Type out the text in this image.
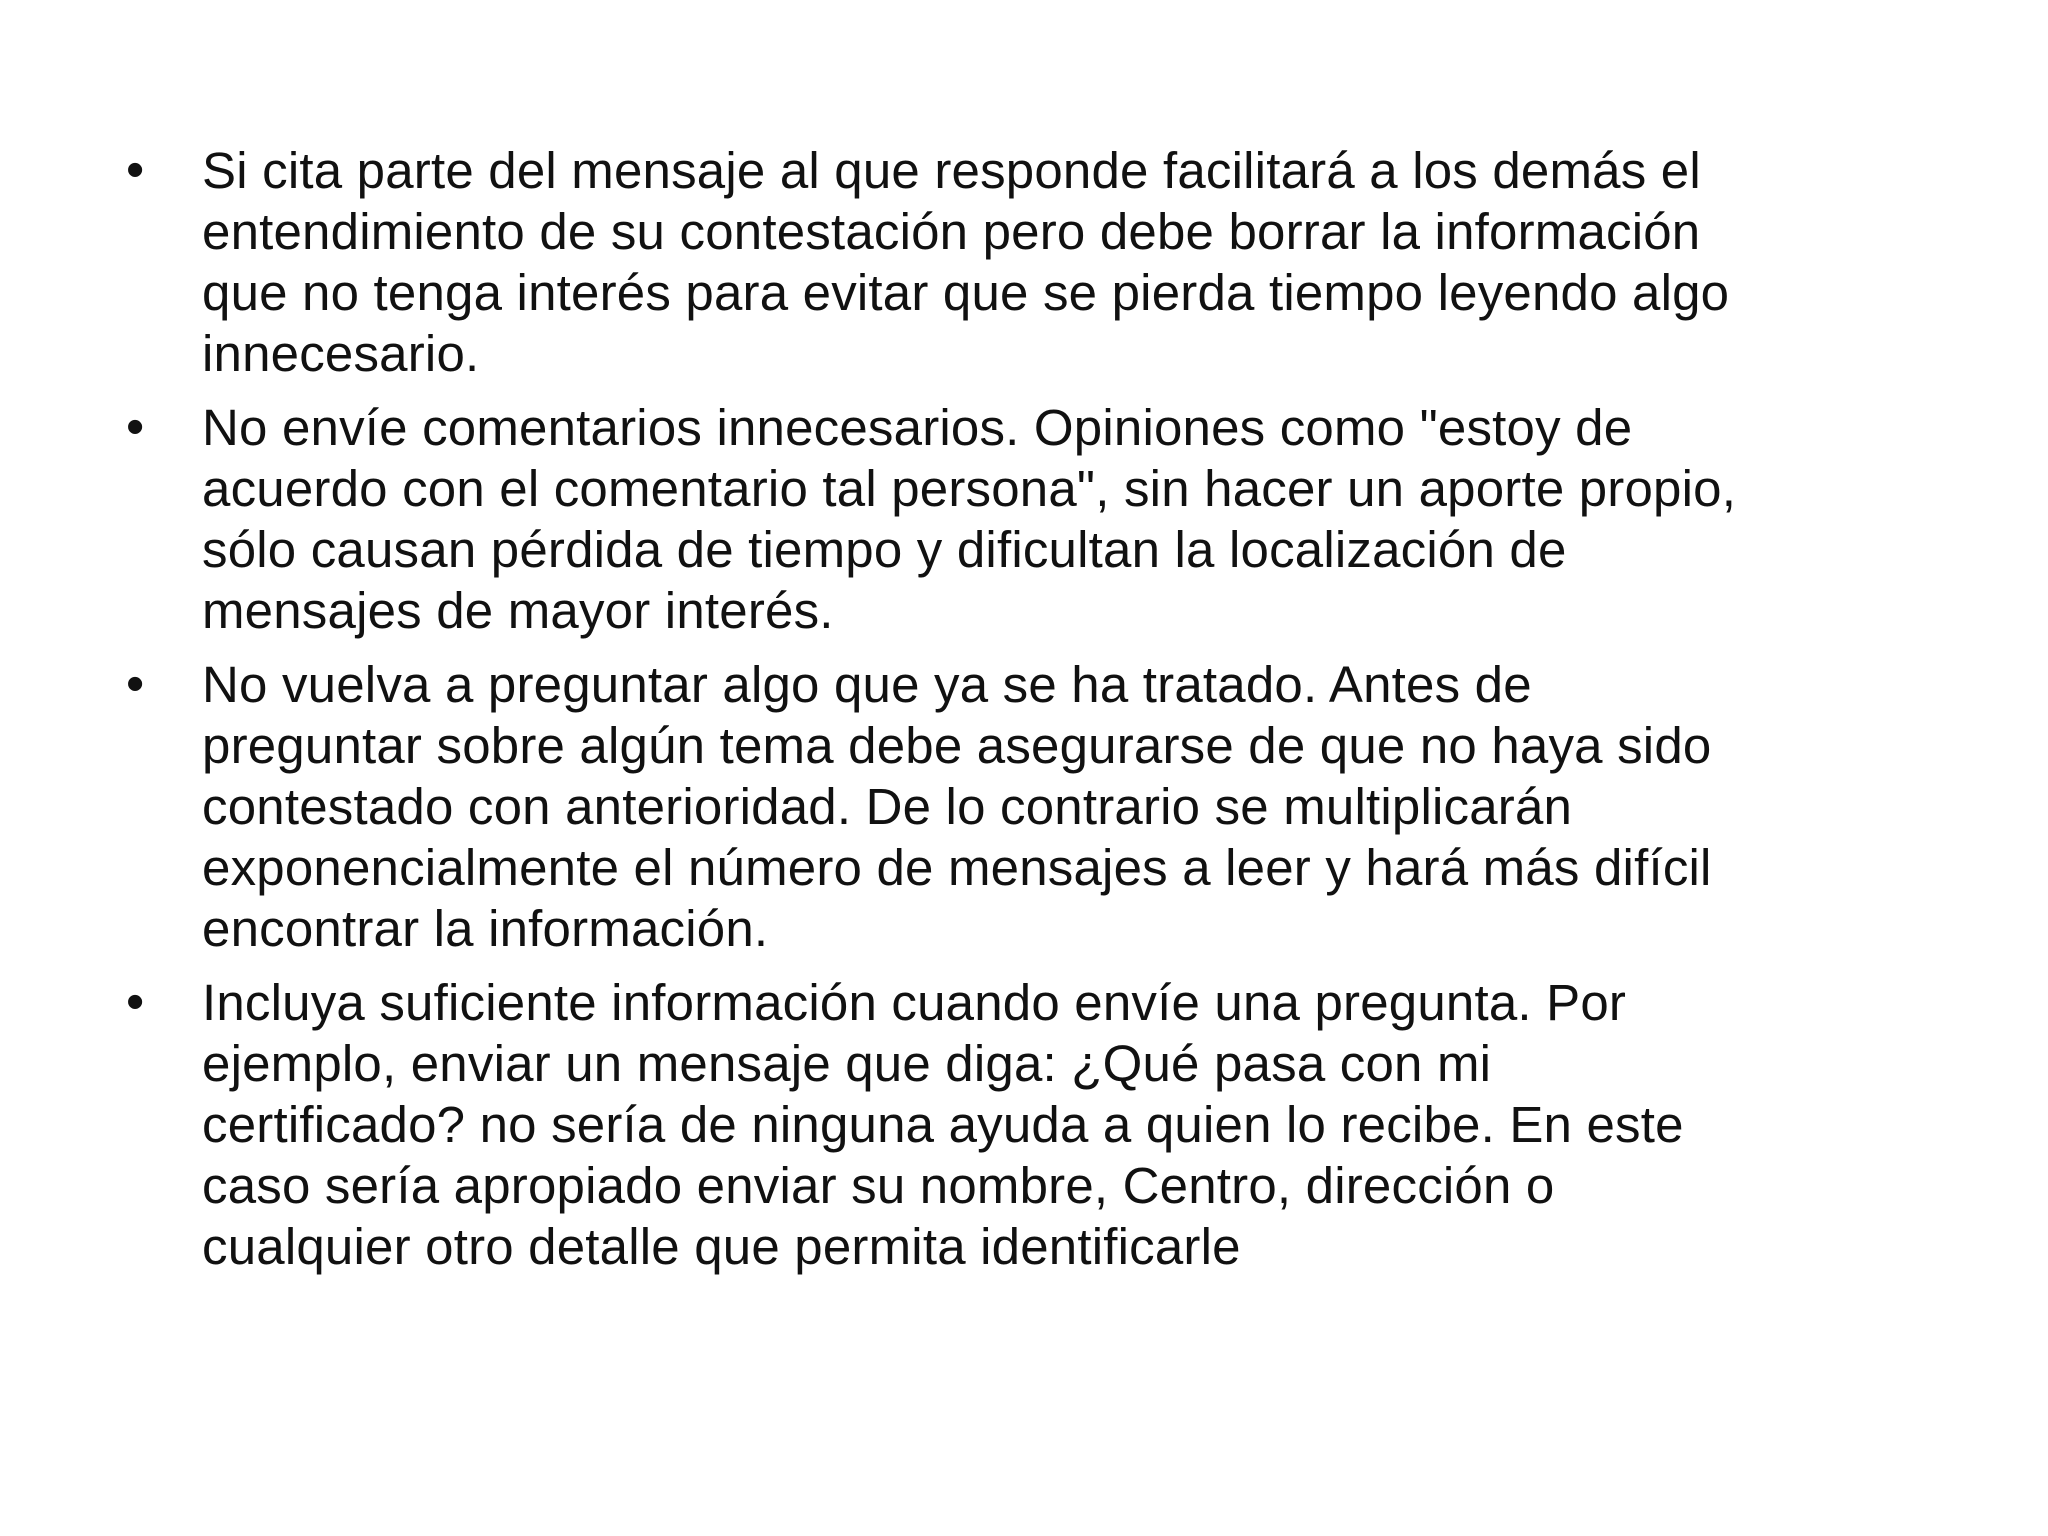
•	Si cita parte del mensaje al que responde facilitará a los demás el
entendimiento de su contestación pero debe borrar la información
que no tenga interés para evitar que se pierda tiempo leyendo algo
innecesario.
•	No envíe comentarios innecesarios. Opiniones como "estoy de
acuerdo con el comentario tal persona", sin hacer un aporte propio,
sólo causan pérdida de tiempo y dificultan la localización de
mensajes de mayor interés.
•	No vuelva a preguntar algo que ya se ha tratado. Antes de
preguntar sobre algún tema debe asegurarse de que no haya sido
contestado con anterioridad. De lo contrario se multiplicarán
exponencialmente el número de mensajes a leer y hará más difícil
encontrar la información.
•	Incluya suficiente información cuando envíe una pregunta. Por
ejemplo, enviar un mensaje que diga: ¿Qué pasa con mi
certificado? no sería de ninguna ayuda a quien lo recibe. En este
caso sería apropiado enviar su nombre, Centro, dirección o
cualquier otro detalle que permita identificarle
